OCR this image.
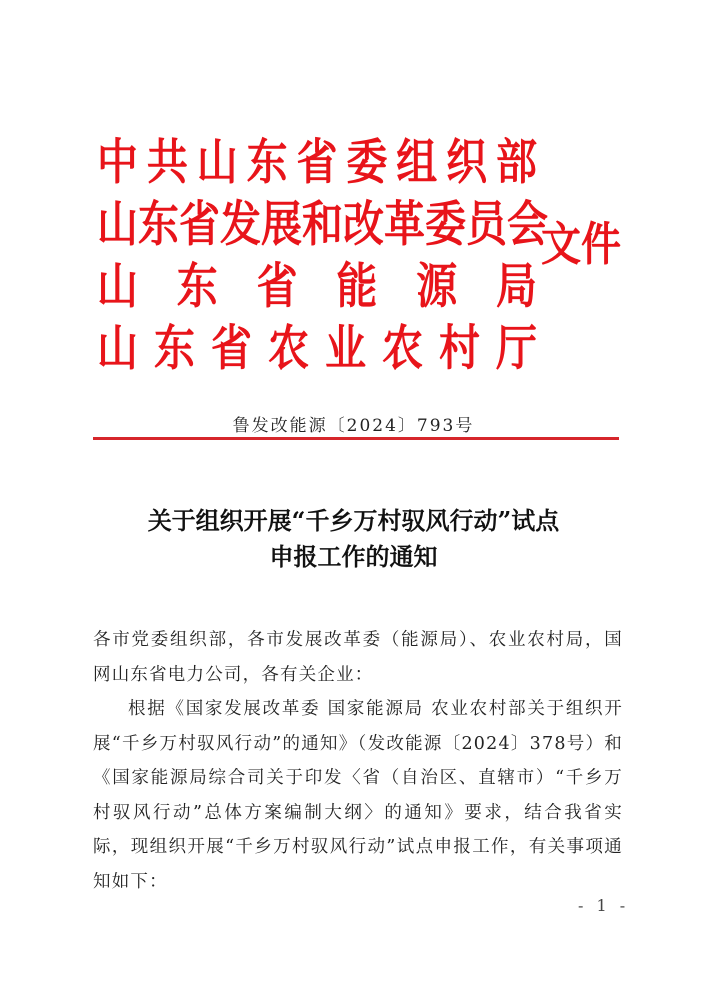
中 共 山 东 省 委 组 织 部
山 东 省 发 展 和 改 革 委 员 会
山 东 省 能 源 局
山 东 省 农 业 农 村 厅
文件
鲁发改能源〔2024〕793号
关于组织开展“千乡万村驭风行动”试点
申报工作的通知

各市党委组织部，各市发展改革委（能源局）、农业农村局，国网山东省电力公司，各有关企业：

根据《国家发展改革委 国家能源局 农业农村部关于组织开展“千乡万村驭风行动”的通知》（发改能源〔2024〕378号）和《国家能源局综合司关于印发〈省（自治区、直辖市）“千乡万村驭风行动”总体方案编制大纲〉的通知》要求，结合我省实际，现组织开展“千乡万村驭风行动”试点申报工作，有关事项通知如下：

- 1 -
